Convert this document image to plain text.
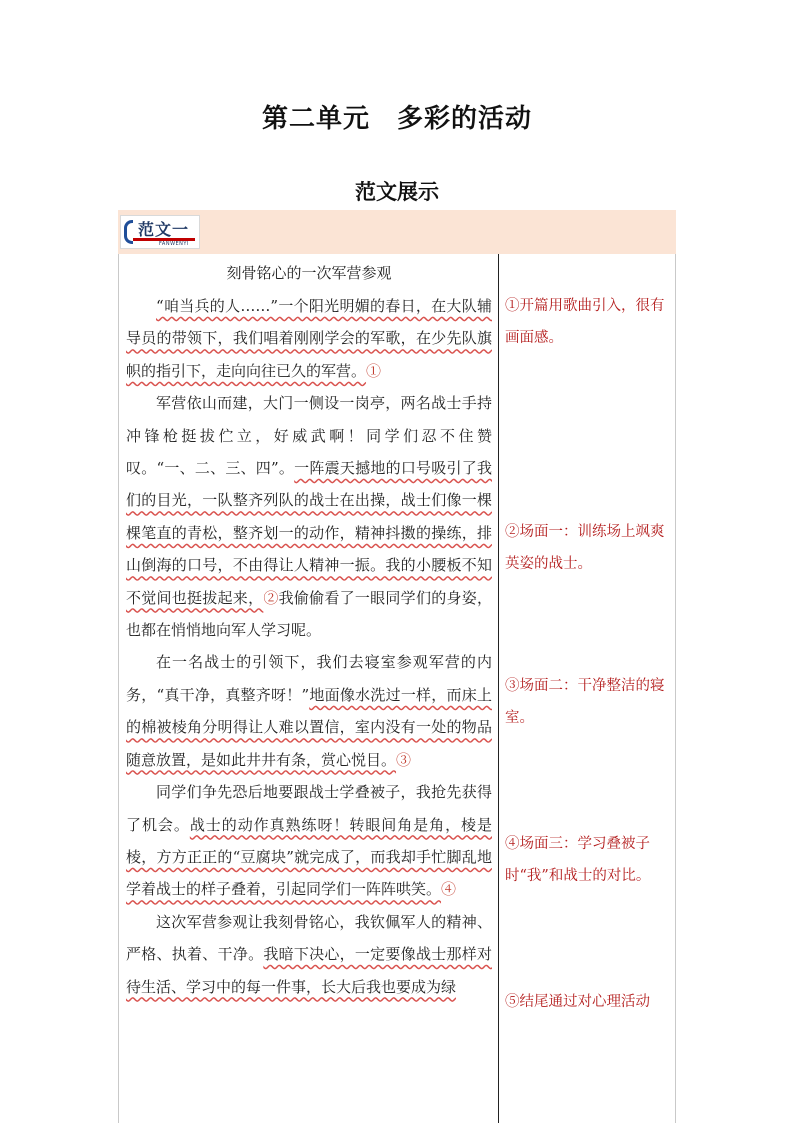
第二单元　多彩的活动
范文展示
范文一
FANWENYI
刻骨铭心的一次军营参观

“咱当兵的人……”一个阳光明媚的春日，在大队辅导员的带领下，我们唱着刚刚学会的军歌，在少先队旗帜的指引下，走向向往已久的军营。①

军营依山而建，大门一侧设一岗亭，两名战士手持冲锋枪挺拔伫立，好威武啊！同学们忍不住赞叹。“一、二、三、四”。一阵震天撼地的口号吸引了我们的目光，一队整齐列队的战士在出操，战士们像一棵棵笔直的青松，整齐划一的动作，精神抖擞的操练，排山倒海的口号，不由得让人精神一振。我的小腰板不知不觉间也挺拔起来，②我偷偷看了一眼同学们的身姿，也都在悄悄地向军人学习呢。

在一名战士的引领下，我们去寝室参观军营的内务，“真干净，真整齐呀！”地面像水洗过一样，而床上的棉被棱角分明得让人难以置信，室内没有一处的物品随意放置，是如此井井有条，赏心悦目。③

同学们争先恐后地要跟战士学叠被子，我抢先获得了机会。战士的动作真熟练呀！转眼间角是角，棱是棱，方方正正的“豆腐块”就完成了，而我却手忙脚乱地学着战士的样子叠着，引起同学们一阵阵哄笑。④

这次军营参观让我刻骨铭心，我钦佩军人的精神、严格、执着、干净。我暗下决心，一定要像战士那样对待生活、学习中的每一件事，长大后我也要成为绿

①开篇用歌曲引入，很有画面感。
②场面一：训练场上飒爽英姿的战士。
③场面二：干净整洁的寝室。
④场面三：学习叠被子时“我”和战士的对比。
⑤结尾通过对心理活动
